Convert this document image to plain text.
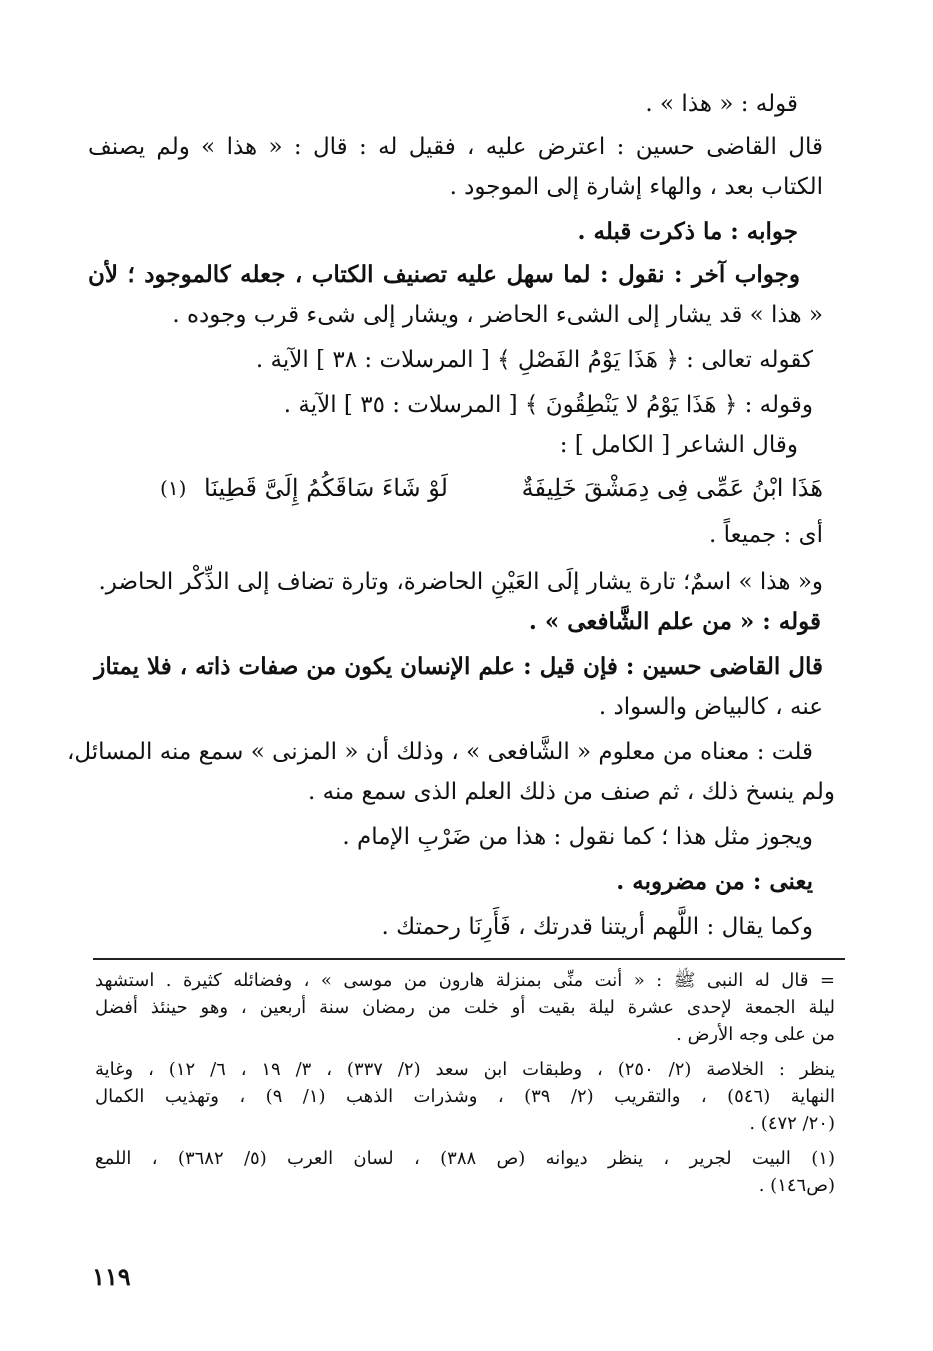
قوله : « هذا » .
قال القاضى حسين : اعترض عليه ، فقيل له : قال : « هذا » ولم يصنف
الكتاب بعد ، والهاء إشارة إلى الموجود .
جوابه : ما ذكرت قبله .
وجواب آخر : نقول : لما سهل عليه تصنيف الكتاب ، جعله كالموجود ؛ لأن
« هذا » قد يشار إلى الشىء الحاضر ، ويشار إلى شىء قرب وجوده .
كقوله تعالى : ﴿ هَذَا يَوْمُ الفَصْلِ ﴾ [ المرسلات : ٣٨ ] الآية .
وقوله : ﴿ هَذَا يَوْمُ لا يَنْطِقُونَ ﴾ [ المرسلات : ٣٥ ] الآية .
وقال الشاعر [ الكامل ] :
هَذَا ابْنُ عَمِّى فِى دِمَشْقَ خَلِيفَةٌ
لَوْ شَاءَ سَاقَكُمُ إِلَىَّ قَطِينَا
(١)
أى : جميعاً .
و« هذا » اسمٌ؛ تارة يشار إلَى العَيْنِ الحاضرة، وتارة تضاف إلى الذِّكْر الحاضر.
قوله : « من علم الشَّافعى » .
قال القاضى حسين : فإن قيل : علم الإنسان يكون من صفات ذاته ، فلا يمتاز
عنه ، كالبياض والسواد .
قلت : معناه من معلوم « الشَّافعى » ، وذلك أن « المزنى » سمع منه المسائل،
ولم ينسخ ذلك ، ثم صنف من ذلك العلم الذى سمع منه .
ويجوز مثل هذا ؛ كما نقول : هذا من ضَرْبِ الإمام .
يعنى : من مضروبه .
وكما يقال : اللَّهم أريتنا قدرتك ، فَأَرِنَا رحمتك .
= قال له النبى ﷺ : « أنت منِّى بمنزلة هارون من موسى » ، وفضائله كثيرة . استشهد
ليلة الجمعة لإحدى عشرة ليلة بقيت أو خلت من رمضان سنة أربعين ، وهو حينئذ أفضل
من على وجه الأرض .
ينظر : الخلاصة (٢/ ٢٥٠) ، وطبقات ابن سعد (٢/ ٣٣٧) ، ٣/ ١٩ ، ٦/ ١٢) ، وغاية
النهاية (٥٤٦) ، والتقريب (٢/ ٣٩) ، وشذرات الذهب (١/ ٩) ، وتهذيب الكمال
(٢٠/ ٤٧٢) .
(١) البيت لجرير ، ينظر ديوانه (ص ٣٨٨) ، لسان العرب (٥/ ٣٦٨٢) ، اللمع
(ص١٤٦) .
١١٩
